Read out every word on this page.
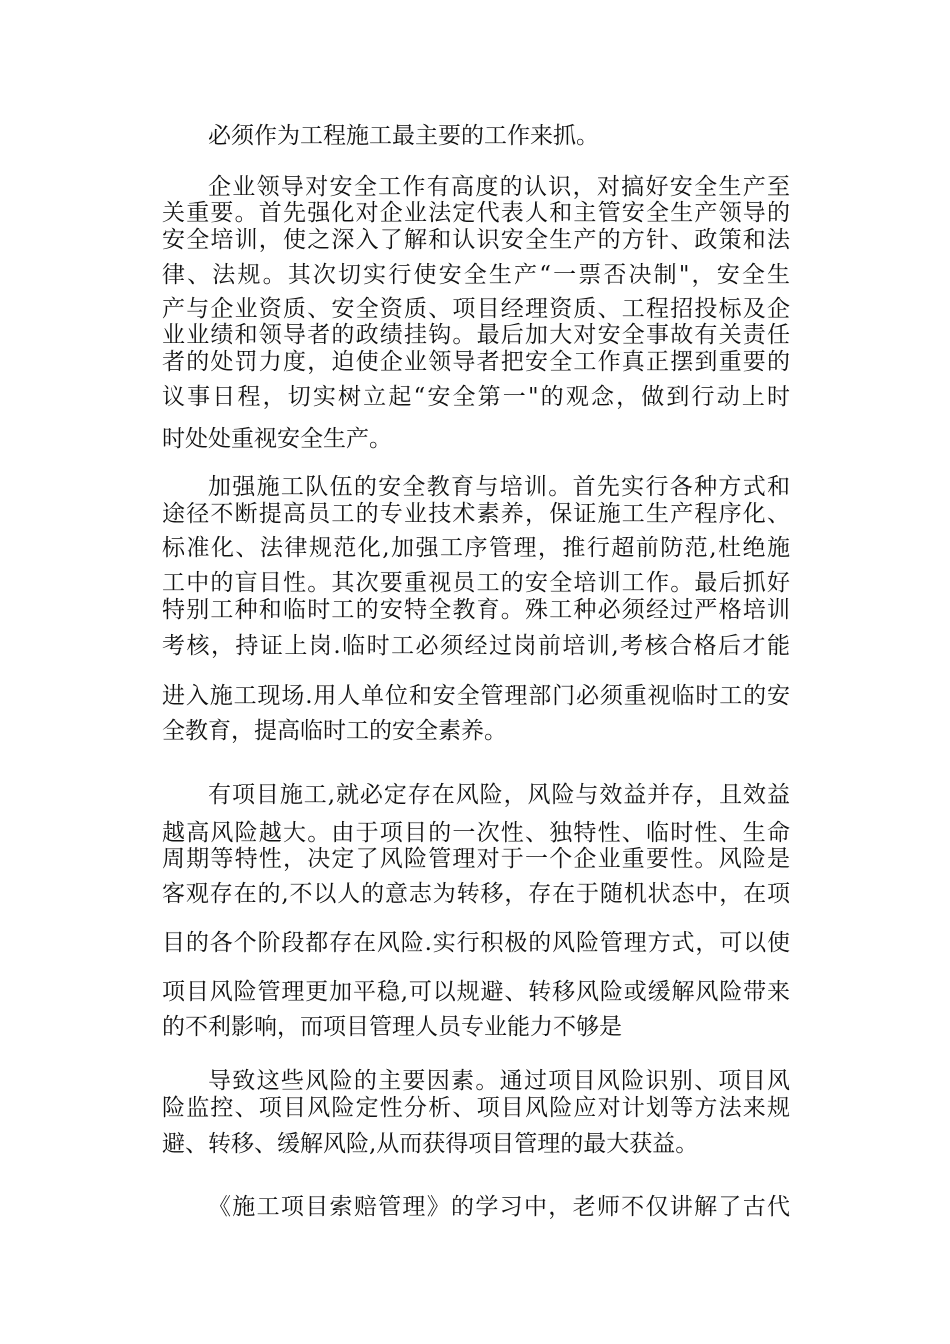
必须作为工程施工最主要的工作来抓。
企业领导对安全工作有高度的认识，对搞好安全生产至
关重要。首先强化对企业法定代表人和主管安全生产领导的
安全培训，使之深入了解和认识安全生产的方针、政策和法
律、法规。其次切实行使安全生产“一票否决制"，安全生
产与企业资质、安全资质、项目经理资质、工程招投标及企
业业绩和领导者的政绩挂钩。最后加大对安全事故有关责任
者的处罚力度，迫使企业领导者把安全工作真正摆到重要的
议事日程，切实树立起“安全第一"的观念，做到行动上时
时处处重视安全生产。
加强施工队伍的安全教育与培训。首先实行各种方式和
途径不断提高员工的专业技术素养，保证施工生产程序化、
标准化、法律规范化,加强工序管理，推行超前防范,杜绝施
工中的盲目性。其次要重视员工的安全培训工作。最后抓好
特别工种和临时工的安特全教育。殊工种必须经过严格培训
考核，持证上岗.临时工必须经过岗前培训,考核合格后才能
进入施工现场.用人单位和安全管理部门必须重视临时工的安
全教育，提高临时工的安全素养。
有项目施工,就必定存在风险，风险与效益并存，且效益
越高风险越大。由于项目的一次性、独特性、临时性、生命
周期等特性，决定了风险管理对于一个企业重要性。风险是
客观存在的,不以人的意志为转移，存在于随机状态中，在项
目的各个阶段都存在风险.实行积极的风险管理方式，可以使
项目风险管理更加平稳,可以规避、转移风险或缓解风险带来
的不利影响，而项目管理人员专业能力不够是
导致这些风险的主要因素。通过项目风险识别、项目风
险监控、项目风险定性分析、项目风险应对计划等方法来规
避、转移、缓解风险,从而获得项目管理的最大获益。
《施工项目索赔管理》的学习中，老师不仅讲解了古代
